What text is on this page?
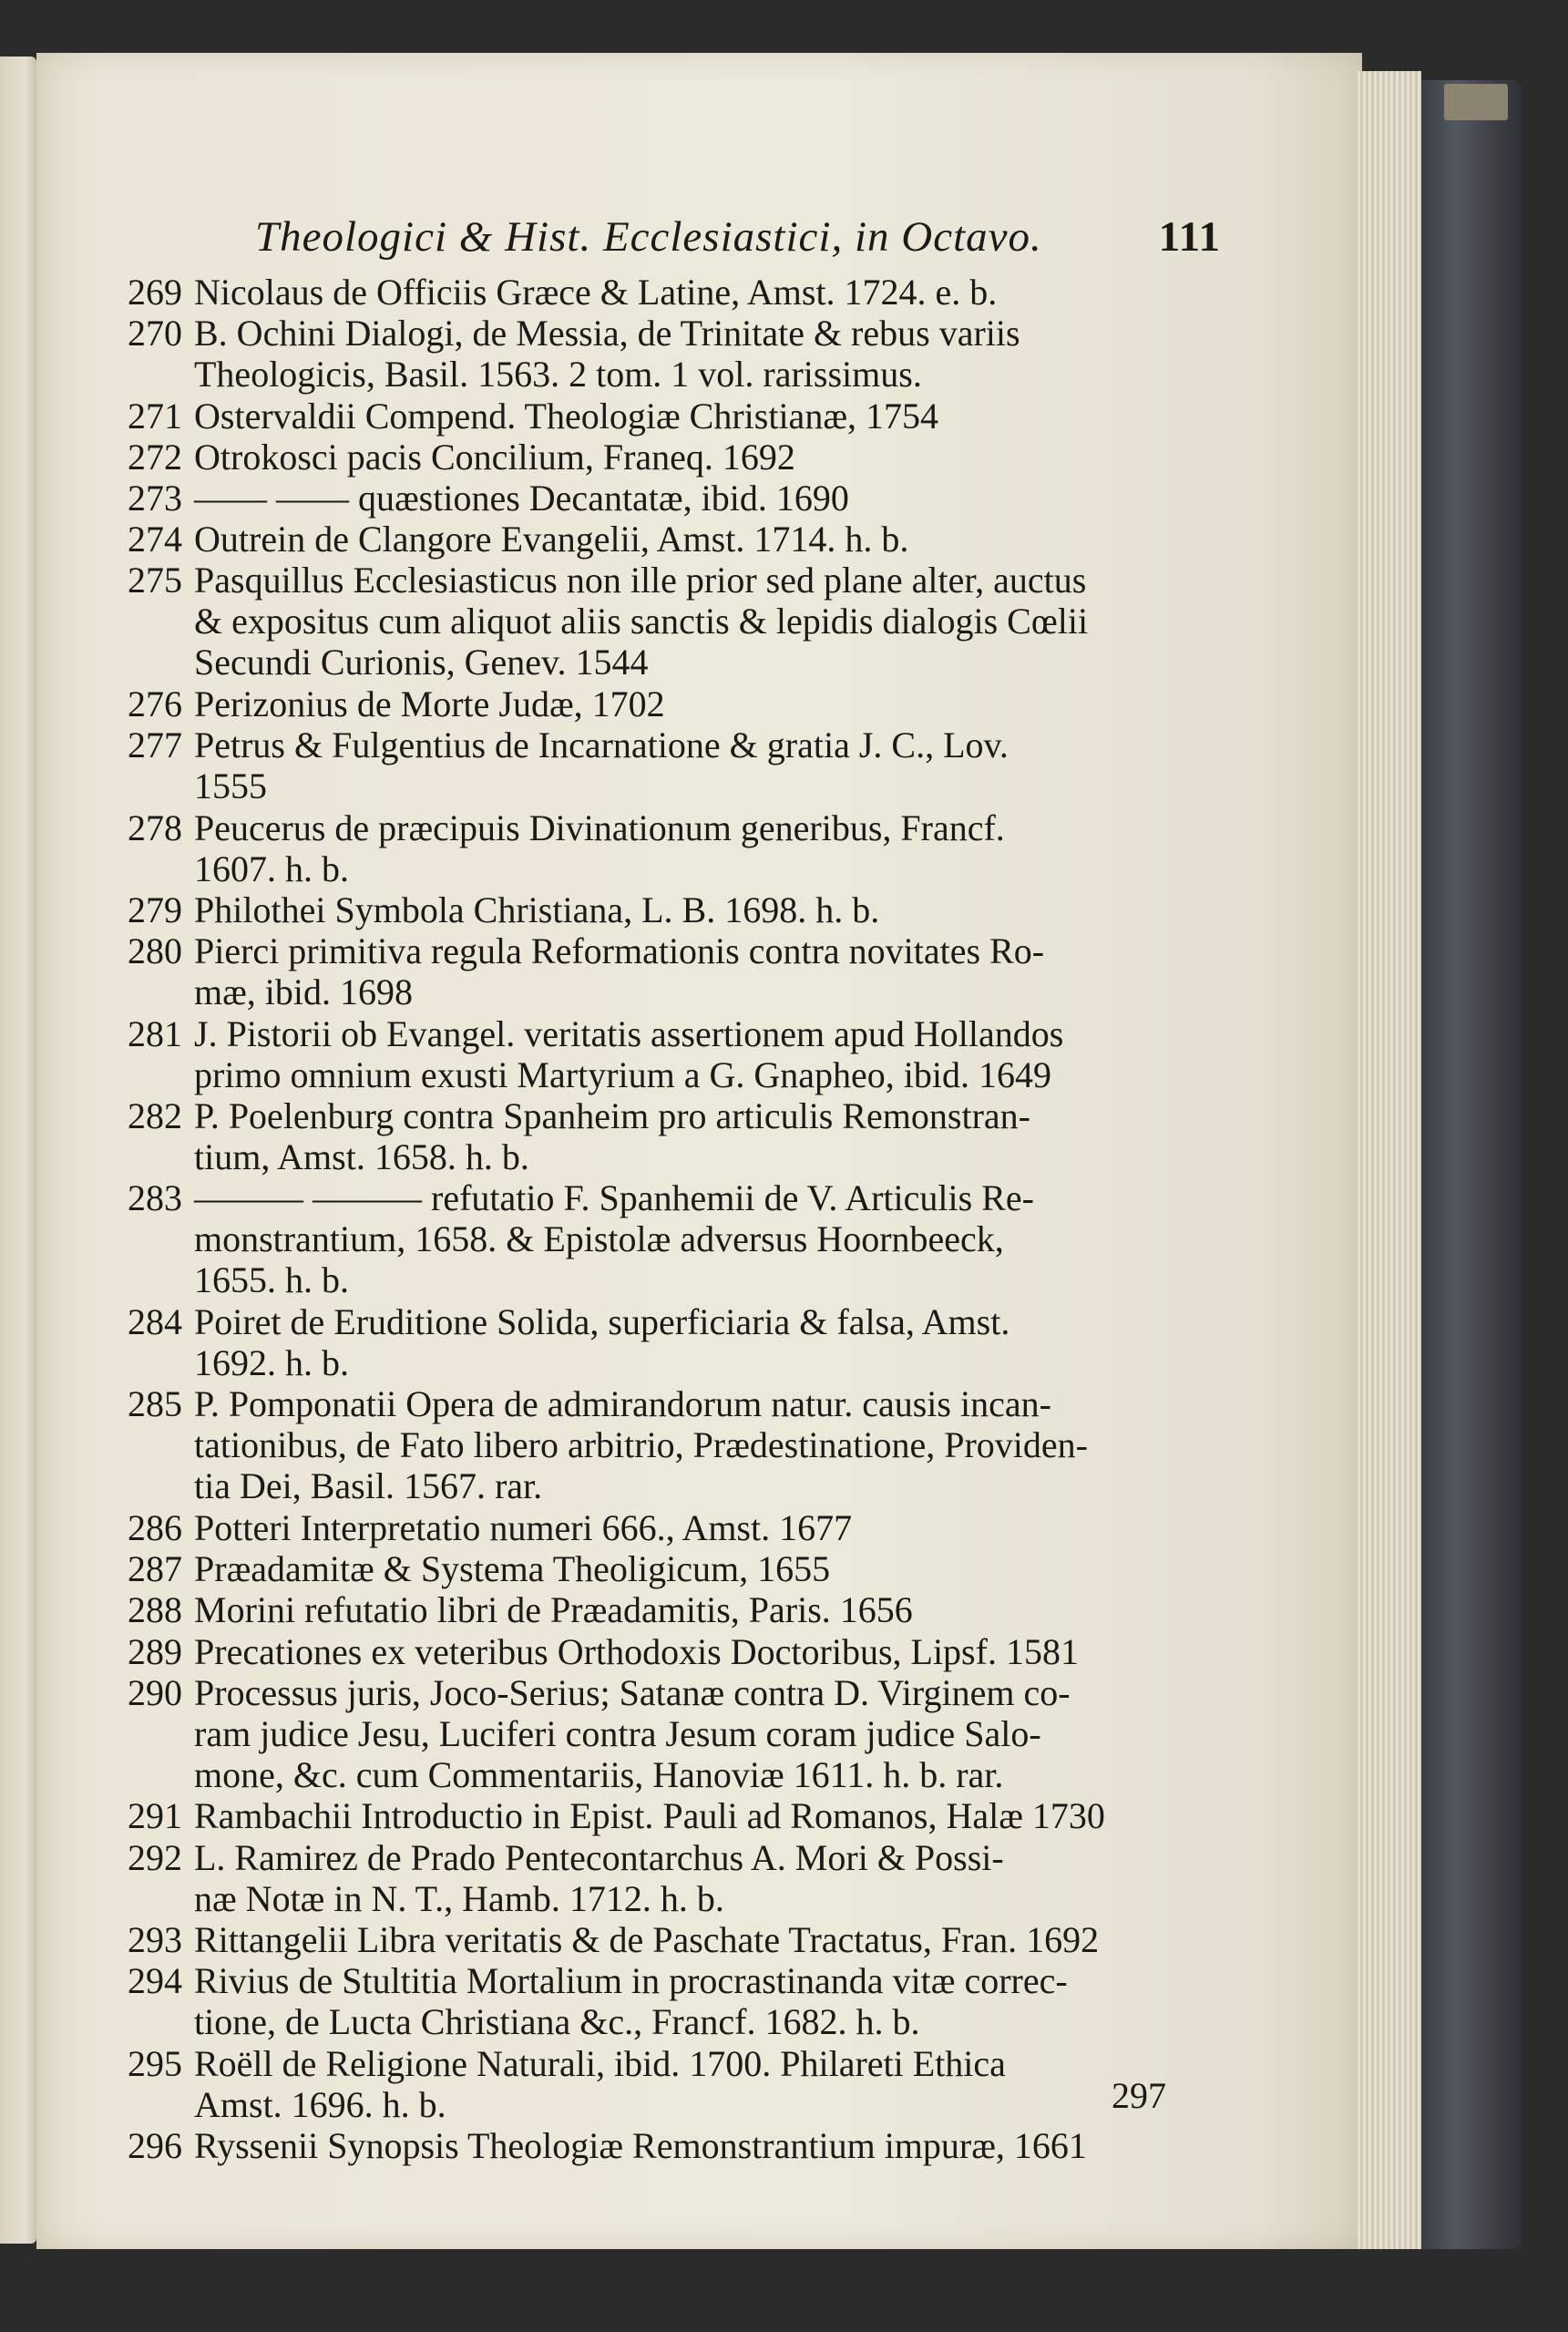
Theologici & Hist. Ecclesiastici, in Octavo.	111
269 Nicolaus de Officiis Græce & Latine, Amst. 1724. e. b.
270 B. Ochini Dialogi, de Messia, de Trinitate & rebus variis
Theologicis, Basil. 1563. 2 tom. 1 vol. rarissimus.
271 Ostervaldii Compend. Theologiæ Christianæ, 1754
272 Otrokosci pacis Concilium, Franeq. 1692
273 —— —— quæstiones Decantatæ, ibid. 1690
274 Outrein de Clangore Evangelii, Amst. 1714. h. b.
275 Pasquillus Ecclesiasticus non ille prior sed plane alter, auctus
& expositus cum aliquot aliis sanctis & lepidis dialogis Cœlii
Secundi Curionis, Genev. 1544
276 Perizonius de Morte Judæ, 1702
277 Petrus & Fulgentius de Incarnatione & gratia J. C., Lov.
1555
278 Peucerus de præcipuis Divinationum generibus, Francf.
1607. h. b.
279 Philothei Symbola Christiana, L. B. 1698. h. b.
280 Pierci primitiva regula Reformationis contra novitates Ro-
mæ, ibid. 1698
281 J. Pistorii ob Evangel. veritatis assertionem apud Hollandos
primo omnium exusti Martyrium a G. Gnapheo, ibid. 1649
282 P. Poelenburg contra Spanheim pro articulis Remonstran-
tium, Amst. 1658. h. b.
283 ——— ——— refutatio F. Spanhemii de V. Articulis Re-
monstrantium, 1658. & Epistolæ adversus Hoornbeeck,
1655. h. b.
284 Poiret de Eruditione Solida, superficiaria & falsa, Amst.
1692. h. b.
285 P. Pomponatii Opera de admirandorum natur. causis incan-
tationibus, de Fato libero arbitrio, Prædestinatione, Providen-
tia Dei, Basil. 1567. rar.
286 Potteri Interpretatio numeri 666., Amst. 1677
287 Præadamitæ & Systema Theoligicum, 1655
288 Morini refutatio libri de Præadamitis, Paris. 1656
289 Precationes ex veteribus Orthodoxis Doctoribus, Lipsf. 1581
290 Processus juris, Joco-Serius; Satanæ contra D. Virginem co-
ram judice Jesu, Luciferi contra Jesum coram judice Salo-
mone, &c. cum Commentariis, Hanoviæ 1611. h. b. rar.
291 Rambachii Introductio in Epist. Pauli ad Romanos, Halæ 1730
292 L. Ramirez de Prado Pentecontarchus A. Mori & Possi-
næ Notæ in N. T., Hamb. 1712. h. b.
293 Rittangelii Libra veritatis & de Paschate Tractatus, Fran. 1692
294 Rivius de Stultitia Mortalium in procrastinanda vitæ correc-
tione, de Lucta Christiana &c., Francf. 1682. h. b.
295 Roëll de Religione Naturali, ibid. 1700. Philareti Ethica
Amst. 1696. h. b.
296 Ryssenii Synopsis Theologiæ Remonstrantium impuræ, 1661
297
